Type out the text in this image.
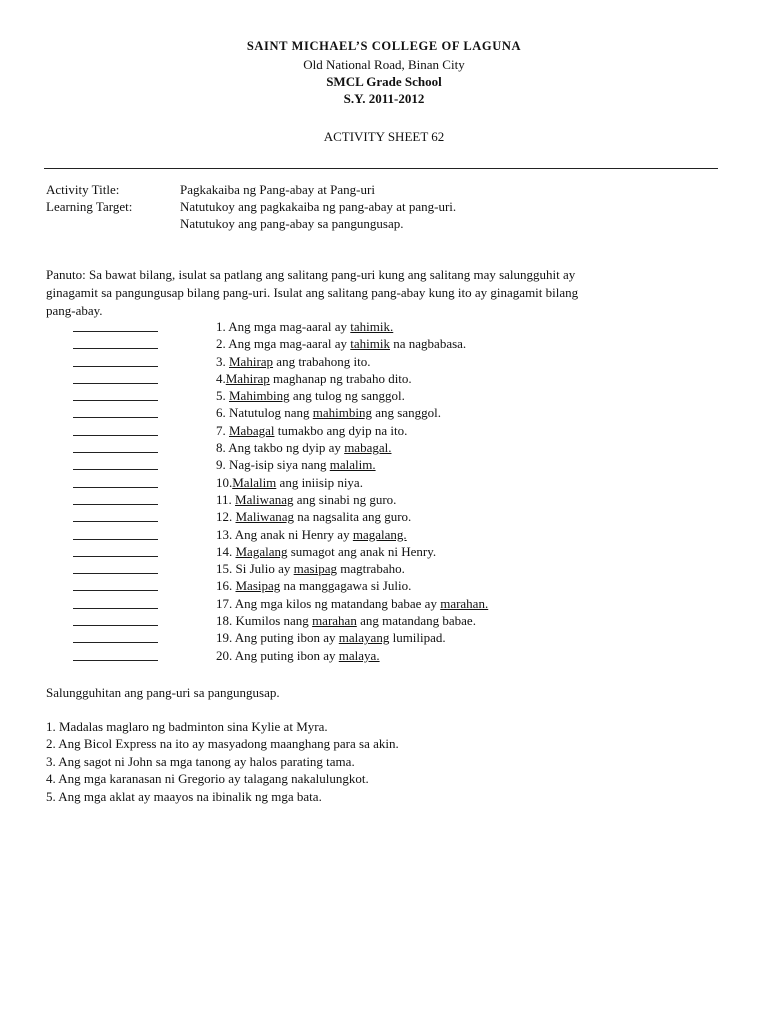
SAINT MICHAEL’S COLLEGE OF LAGUNA
Old National Road, Binan City
SMCL Grade School
S.Y. 2011-2012
ACTIVITY SHEET 62
Activity Title:	Pagkakaiba ng Pang-abay at Pang-uri
Learning Target:	Natutukoy ang pagkakaiba ng pang-abay at pang-uri.
Natutukoy ang pang-abay sa pangungusap.
Panuto: Sa bawat bilang, isulat sa patlang ang salitang pang-uri kung ang salitang may salungguhit ay ginagamit sa pangungusap bilang pang-uri. Isulat ang salitang pang-abay kung ito ay ginagamit bilang pang-abay.
1. Ang mga mag-aaral ay tahimik.
2. Ang mga mag-aaral ay tahimik na nagbabasa.
3. Mahirap ang trabahong ito.
4.Mahirap maghanap ng trabaho dito.
5. Mahimbing ang tulog ng sanggol.
6. Natutulog nang mahimbing ang sanggol.
7. Mabagal tumakbo ang dyip na ito.
8. Ang takbo ng dyip ay mabagal.
9. Nag-isip siya nang malalim.
10.Malalim ang iniisip niya.
11. Maliwanag ang sinabi ng guro.
12. Maliwanag na nagsalita ang guro.
13. Ang anak ni Henry ay magalang.
14. Magalang sumagot ang anak ni Henry.
15. Si Julio ay masipag magtrabaho.
16. Masipag na manggagawa si Julio.
17. Ang mga kilos ng matandang babae ay marahan.
18. Kumilos nang marahan ang matandang babae.
19. Ang puting ibon ay malayang lumilipad.
20. Ang puting ibon ay malaya.
Salungguhitan ang pang-uri sa pangungusap.
1. Madalas maglaro ng badminton sina Kylie at Myra.
2. Ang Bicol Express na ito ay masyadong maanghang para sa akin.
3. Ang sagot ni John sa mga tanong ay halos parating tama.
4. Ang mga karanasan ni Gregorio ay talagang nakalulungkot.
5. Ang mga aklat ay maayos na ibinalik ng mga bata.
